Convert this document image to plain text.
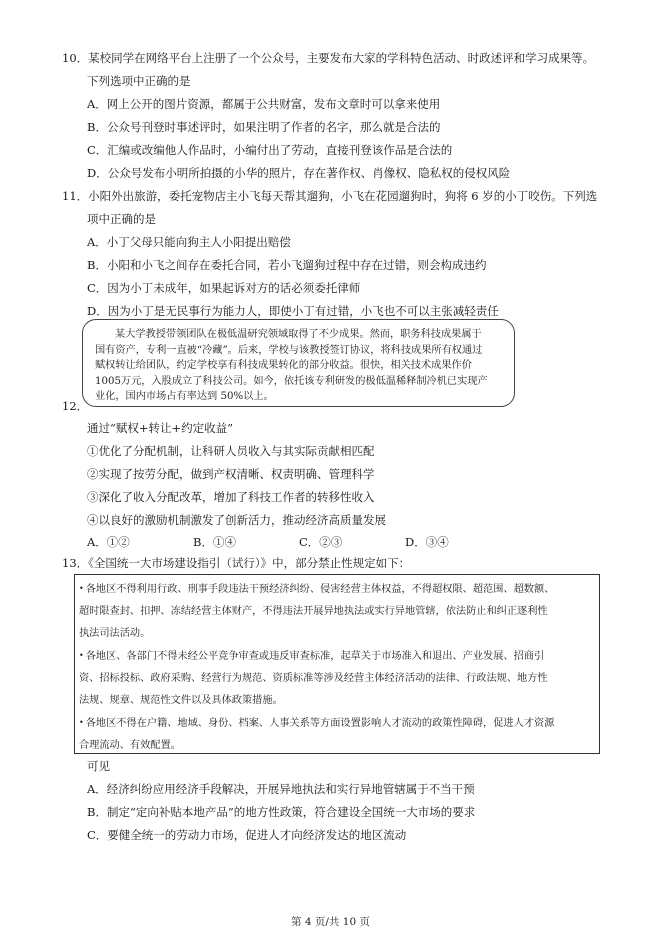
10．某校同学在网络平台上注册了一个公众号，主要发布大家的学科特色活动、时政述评和学习成果等。
下列选项中正确的是
A．网上公开的图片资源，都属于公共财富，发布文章时可以拿来使用
B．公众号刊登时事述评时，如果注明了作者的名字，那么就是合法的
C．汇编或改编他人作品时，小编付出了劳动，直接刊登该作品是合法的
D．公众号发布小明所拍摄的小华的照片，存在著作权、肖像权、隐私权的侵权风险
11．小阳外出旅游，委托宠物店主小飞每天帮其遛狗，小飞在花园遛狗时，狗将 6 岁的小丁咬伤。下列选
项中正确的是
A．小丁父母只能向狗主人小阳提出赔偿
B．小阳和小飞之间存在委托合同，若小飞遛狗过程中存在过错，则会构成违约
C．因为小丁未成年，如果起诉对方的话必须委托律师
D．因为小丁是无民事行为能力人，即使小丁有过错，小飞也不可以主张减轻责任
某大学教授带领团队在极低温研究领域取得了不少成果。然而，职务科技成果属于
国有资产，专利一直被“冷藏”。后来，学校与该教授签订协议，将科技成果所有权通过
赋权转让给团队，约定学校享有科技成果转化的部分收益。很快，相关技术成果作价
1005万元，入股成立了科技公司。如今，依托该专利研发的极低温稀释制冷机已实现产
业化，国内市场占有率达到 50%以上。
12．
通过“赋权+转让+约定收益”
①优化了分配机制，让科研人员收入与其实际贡献相匹配
②实现了按劳分配，做到产权清晰、权责明确、管理科学
③深化了收入分配改革，增加了科技工作者的转移性收入
④以良好的激励机制激发了创新活力，推动经济高质量发展
A．①②	B．①④	C．②③	D．③④
13．《全国统一大市场建设指引（试行）》中，部分禁止性规定如下：
• 各地区不得利用行政、刑事手段违法干预经济纠纷、侵害经营主体权益，不得超权限、超范围、超数额、
超时限查封、扣押、冻结经营主体财产，不得违法开展异地执法或实行异地管辖，依法防止和纠正逐利性
执法司法活动。
• 各地区、各部门不得未经公平竞争审查或违反审查标准，起草关于市场准入和退出、产业发展、招商引
资、招标投标、政府采购、经营行为规范、资质标准等涉及经营主体经济活动的法律、行政法规、地方性
法规、规章、规范性文件以及具体政策措施。
• 各地区不得在户籍、地域、身份、档案、人事关系等方面设置影响人才流动的政策性障碍，促进人才资源
合理流动、有效配置。
可见
A．经济纠纷应用经济手段解决，开展异地执法和实行异地管辖属于不当干预
B．制定“定向补贴本地产品”的地方性政策，符合建设全国统一大市场的要求
C．要健全统一的劳动力市场，促进人才向经济发达的地区流动
第 4 页/共 10 页
